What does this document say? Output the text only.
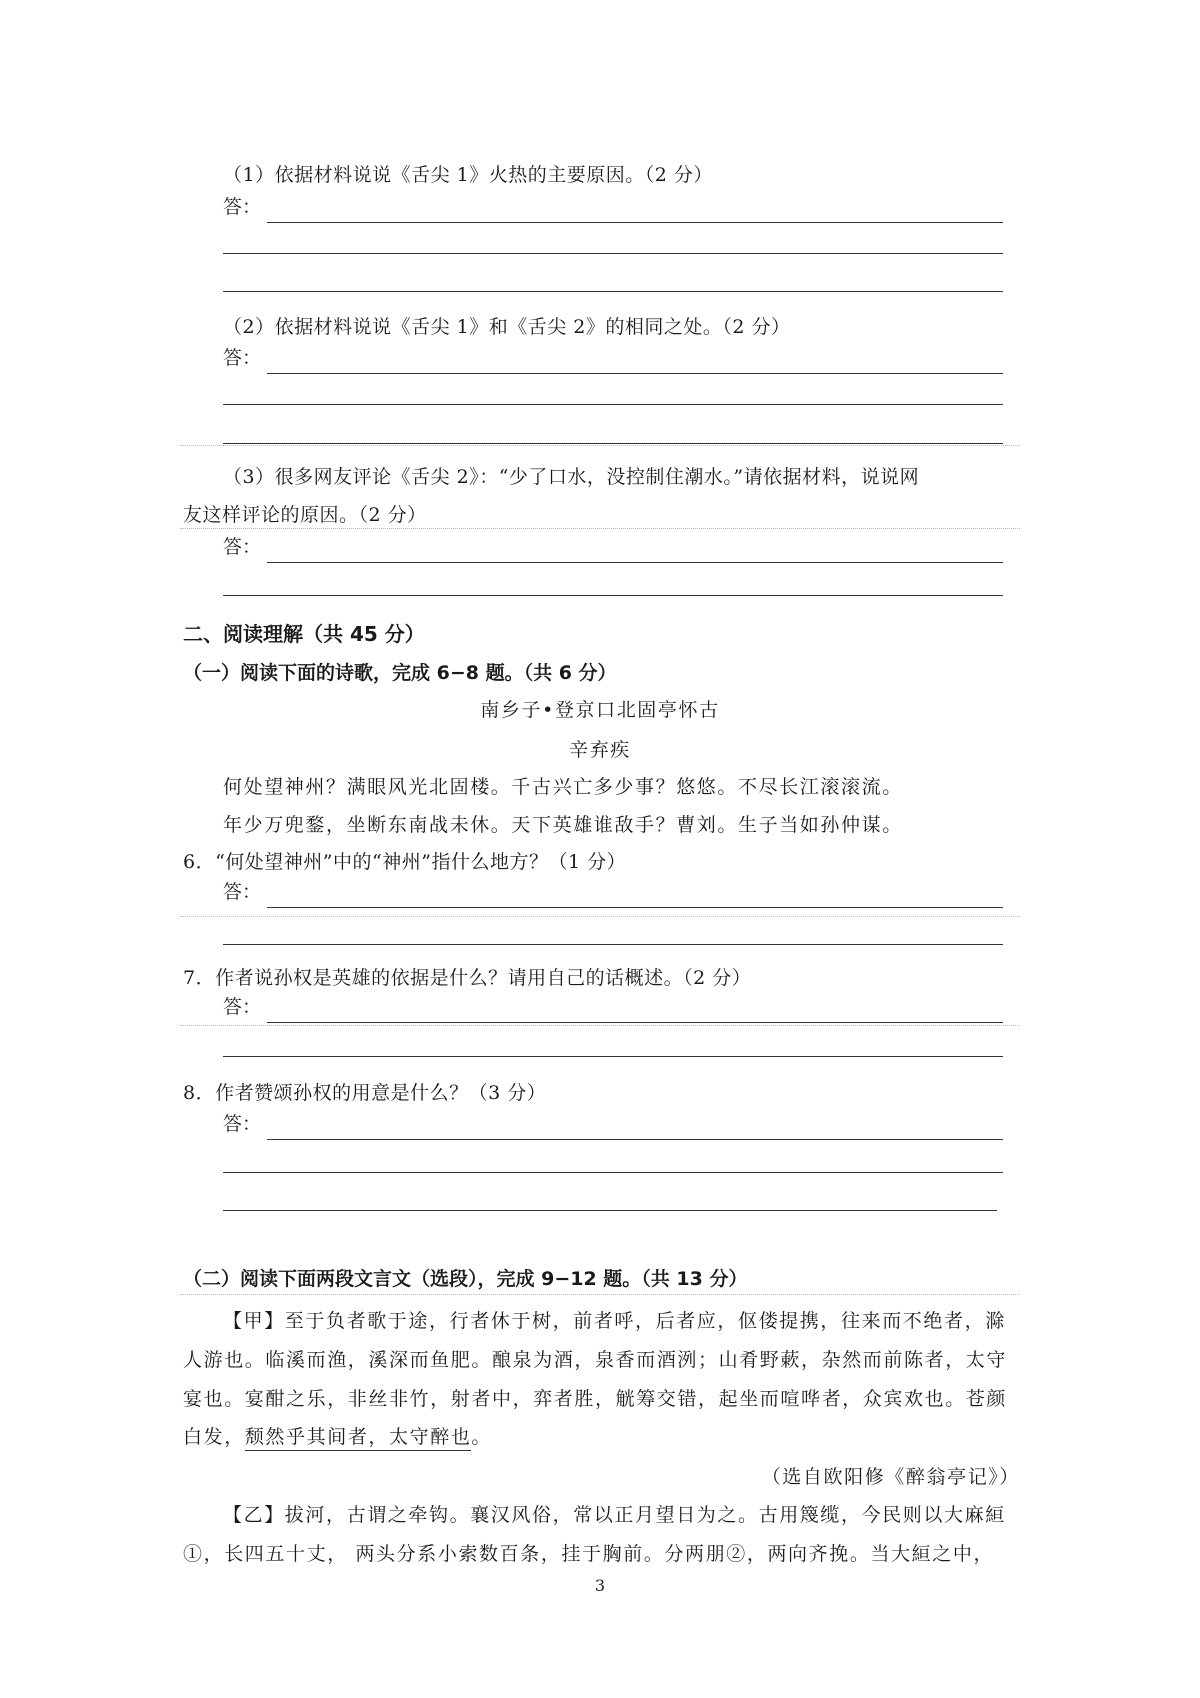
（1）依据材料说说《舌尖 1》火热的主要原因。（2 分）
答：
（2）依据材料说说《舌尖 1》和《舌尖 2》的相同之处。（2 分）
答：
（3）很多网友评论《舌尖 2》：“少了口水，没控制住潮水。”请依据材料，说说网
友这样评论的原因。（2 分）
答：
二、阅读理解（共 45 分）
（一）阅读下面的诗歌，完成 6−8 题。（共 6 分）
南乡子•登京口北固亭怀古
辛弃疾
何处望神州？满眼风光北固楼。千古兴亡多少事？悠悠。不尽长江滚滚流。
年少万兜鍪，坐断东南战未休。天下英雄谁敌手？曹刘。生子当如孙仲谋。
6．“何处望神州”中的“神州”指什么地方？（1 分）
答：
7．作者说孙权是英雄的依据是什么？请用自己的话概述。（2 分）
答：
8．作者赞颂孙权的用意是什么？（3 分）
答：
（二）阅读下面两段文言文（选段），完成 9−12 题。（共 13 分）
【甲】至于负者歌于途，行者休于树，前者呼，后者应，伛偻提携，往来而不绝者，滁
人游也。临溪而渔，溪深而鱼肥。酿泉为酒，泉香而酒洌；山肴野蔌，杂然而前陈者，太守
宴也。宴酣之乐，非丝非竹，射者中，弈者胜，觥筹交错，起坐而喧哗者，众宾欢也。苍颜
白发，颓然乎其间者，太守醉也。
（选自欧阳修《醉翁亭记》）
【乙】拔河，古谓之牵钩。襄汉风俗，常以正月望日为之。古用篾缆，今民则以大麻絙
①，长四五十丈， 两头分系小索数百条，挂于胸前。分两朋②，两向齐挽。当大絙之中，
3
